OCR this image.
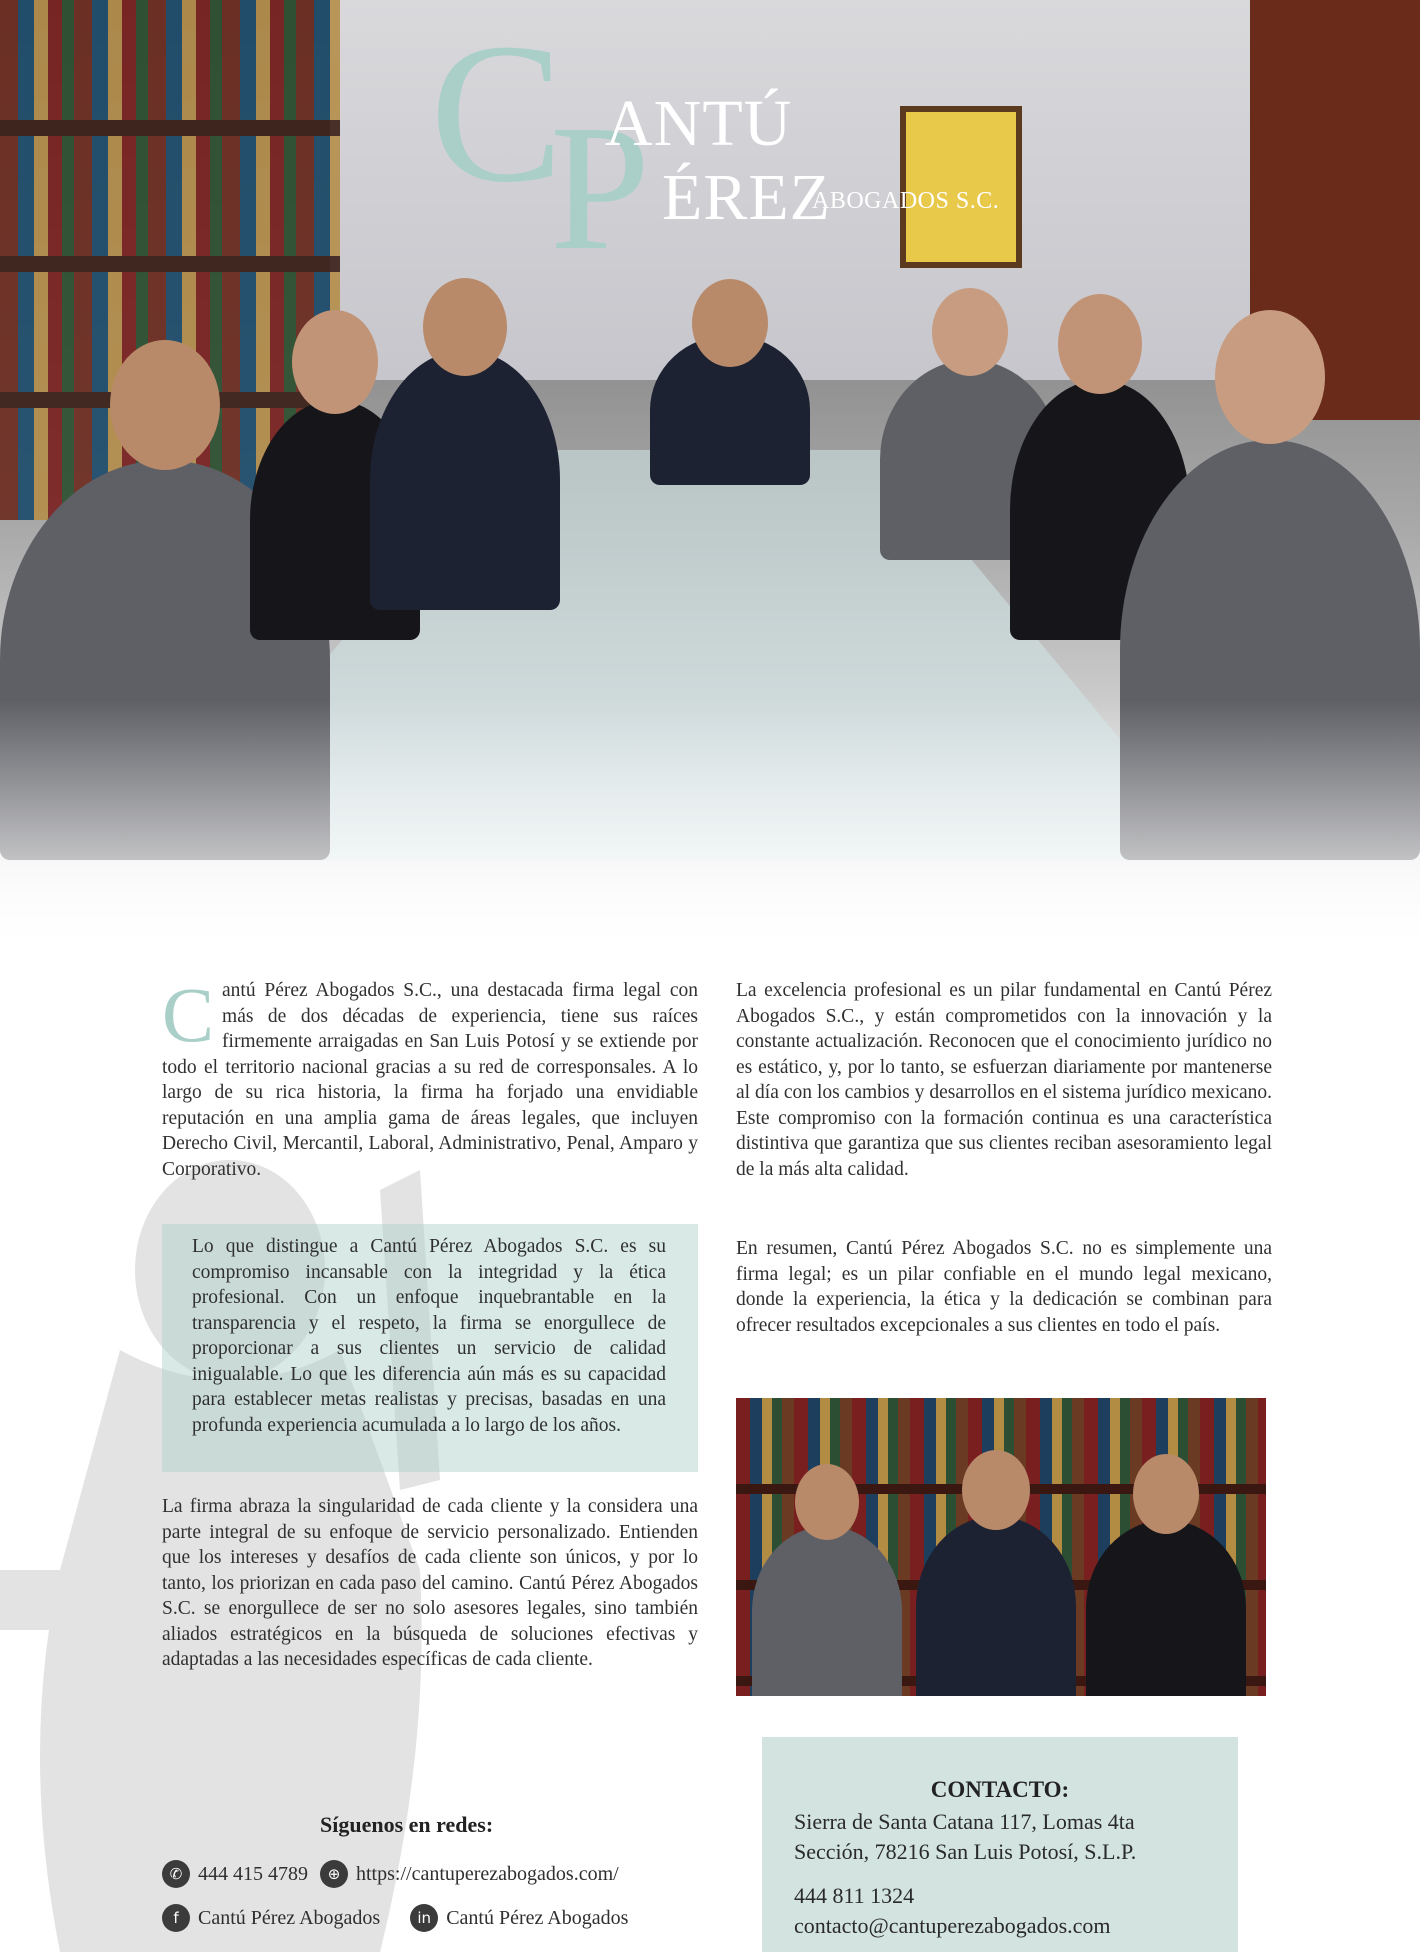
C
P
ANTÚ
ÉREZ
ABOGADOS S.C.
C antú Pérez Abogados S.C., una destacada firma legal con más de dos décadas de experiencia, tiene sus raíces firmemente arraigadas en San Luis Potosí y se extiende por todo el territorio nacional gracias a su red de corresponsales. A lo largo de su rica historia, la firma ha forjado una envidiable reputación en una amplia gama de áreas legales, que incluyen Derecho Civil, Mercantil, Laboral, Administrativo, Penal, Amparo y Corporativo.

Lo que distingue a Cantú Pérez Abogados S.C. es su compromiso incansable con la integridad y la ética profesional. Con un enfoque inquebrantable en la transparencia y el respeto, la firma se enorgullece de proporcionar a sus clientes un servicio de calidad inigualable. Lo que les diferencia aún más es su capacidad para establecer metas realistas y precisas, basadas en una profunda experiencia acumulada a lo largo de los años.

La firma abraza la singularidad de cada cliente y la considera una parte integral de su enfoque de servicio personalizado. Entienden que los intereses y desafíos de cada cliente son únicos, y por lo tanto, los priorizan en cada paso del camino. Cantú Pérez Abogados S.C. se enorgullece de ser no solo asesores legales, sino también aliados estratégicos en la búsqueda de soluciones efectivas y adaptadas a las necesidades específicas de cada cliente.

La excelencia profesional es un pilar fundamental en Cantú Pérez Abogados S.C., y están comprometidos con la innovación y la constante actualización. Reconocen que el conocimiento jurídico no es estático, y, por lo tanto, se esfuerzan diariamente por mantenerse al día con los cambios y desarrollos en el sistema jurídico mexicano. Este compromiso con la formación continua es una característica distintiva que garantiza que sus clientes reciban asesoramiento legal de la más alta calidad.

En resumen, Cantú Pérez Abogados S.C. no es simplemente una firma legal; es un pilar confiable en el mundo legal mexicano, donde la experiencia, la ética y la dedicación se combinan para ofrecer resultados excepcionales a sus clientes en todo el país.

Síguenos en redes:
✆ 444 415 4789	⊕ https://cantuperezabogados.com/
f Cantú Pérez Abogados	in Cantú Pérez Abogados
CONTACTO:
Sierra de Santa Catana 117, Lomas 4ta
Sección, 78216 San Luis Potosí, S.L.P.
444 811 1324
contacto@cantuperezabogados.com
